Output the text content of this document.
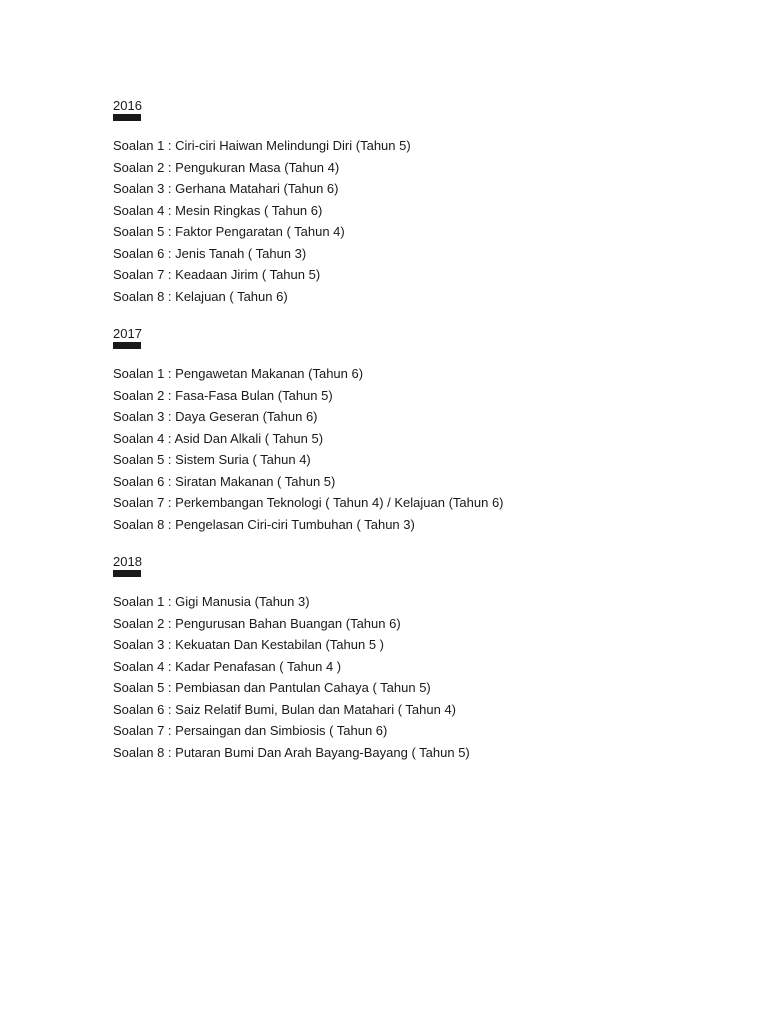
2016
Soalan 1 : Ciri-ciri Haiwan Melindungi Diri (Tahun 5)
Soalan 2 : Pengukuran Masa (Tahun 4)
Soalan 3 : Gerhana Matahari (Tahun 6)
Soalan 4 : Mesin Ringkas ( Tahun 6)
Soalan 5 : Faktor Pengaratan ( Tahun 4)
Soalan 6 : Jenis Tanah ( Tahun 3)
Soalan 7 : Keadaan Jirim ( Tahun 5)
Soalan 8 : Kelajuan ( Tahun 6)
2017
Soalan 1 : Pengawetan Makanan (Tahun 6)
Soalan 2 : Fasa-Fasa Bulan (Tahun 5)
Soalan 3 : Daya Geseran (Tahun 6)
Soalan 4 : Asid Dan Alkali ( Tahun 5)
Soalan 5 : Sistem Suria ( Tahun 4)
Soalan 6 : Siratan Makanan ( Tahun 5)
Soalan 7 : Perkembangan Teknologi ( Tahun 4) / Kelajuan (Tahun 6)
Soalan 8 : Pengelasan Ciri-ciri Tumbuhan ( Tahun 3)
2018
Soalan 1 : Gigi Manusia (Tahun 3)
Soalan 2 : Pengurusan Bahan Buangan (Tahun 6)
Soalan 3 : Kekuatan Dan Kestabilan (Tahun 5 )
Soalan 4 : Kadar Penafasan ( Tahun 4 )
Soalan 5 : Pembiasan dan Pantulan Cahaya ( Tahun 5)
Soalan 6 : Saiz Relatif Bumi, Bulan dan Matahari ( Tahun 4)
Soalan 7 : Persaingan dan Simbiosis ( Tahun 6)
Soalan 8 : Putaran Bumi Dan Arah Bayang-Bayang ( Tahun 5)
